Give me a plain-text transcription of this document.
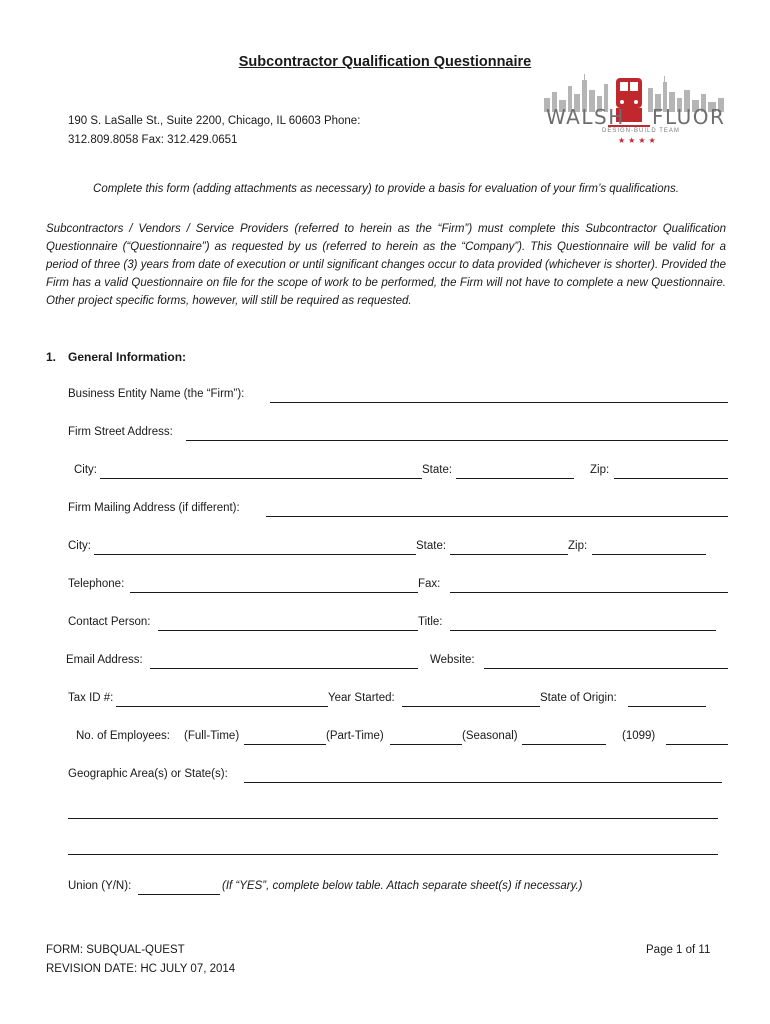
Subcontractor Qualification Questionnaire
190 S. LaSalle St., Suite 2200, Chicago, IL 60603 Phone:
312.809.8058 Fax: 312.429.0651
WALSH FLUOR
DESIGN-BUILD TEAM
★★★★
Complete this form (adding attachments as necessary) to provide a basis for evaluation of your firm’s qualifications.
Subcontractors / Vendors / Service Providers (referred to herein as the “Firm”) must complete this Subcontractor Qualification Questionnaire (“Questionnaire”) as requested by us (referred to herein as the “Company”). This Questionnaire will be valid for a period of three (3) years from date of execution or until significant changes occur to data provided (whichever is shorter). Provided the Firm has a valid Questionnaire on file for the scope of work to be performed, the Firm will not have to complete a new Questionnaire. Other project specific forms, however, will still be required as requested.
1. General Information:
Business Entity Name (the “Firm”):
Firm Street Address:
City:	State:	Zip:
Firm Mailing Address (if different):
City:	State:	Zip:
Telephone:	Fax:
Contact Person:	Title:
Email Address:	Website:
Tax ID #:	Year Started:	State of Origin:
No. of Employees: (Full-Time)	(Part-Time)	(Seasonal)	(1099)
Geographic Area(s) or State(s):
Union (Y/N):	(If “YES”, complete below table. Attach separate sheet(s) if necessary.)
FORM: SUBQUAL-QUEST
REVISION DATE: HC JULY 07, 2014
Page 1 of 11
